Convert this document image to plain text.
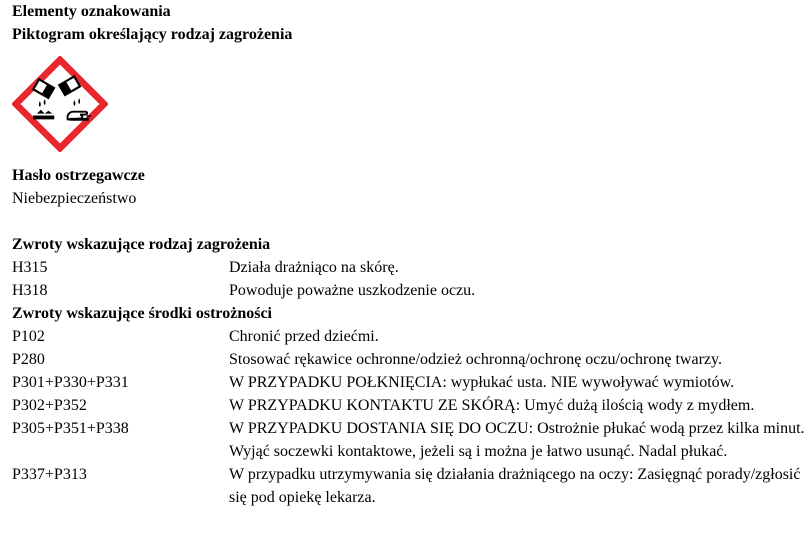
Elementy oznakowania

Piktogram określający rodzaj zagrożenia

Hasło ostrzegawcze

Niebezpieczeństwo

Zwroty wskazujące rodzaj zagrożenia

H315	Działa drażniąco na skórę.
H318	Powoduje poważne uszkodzenie oczu.

Zwroty wskazujące środki ostrożności

P102	Chronić przed dziećmi.
P280	Stosować rękawice ochronne/odzież ochronną/ochronę oczu/ochronę twarzy.
P301+P330+P331	W PRZYPADKU POŁKNIĘCIA: wypłukać usta. NIE wywoływać wymiotów.
P302+P352	W PRZYPADKU KONTAKTU ZE SKÓRĄ: Umyć dużą ilością wody z mydłem.
P305+P351+P338	W PRZYPADKU DOSTANIA SIĘ DO OCZU: Ostrożnie płukać wodą przez kilka minut. Wyjąć soczewki kontaktowe, jeżeli są i można je łatwo usunąć. Nadal płukać.
P337+P313	W przypadku utrzymywania się działania drażniącego na oczy: Zasięgnąć porady/zgłosić się pod opiekę lekarza.
